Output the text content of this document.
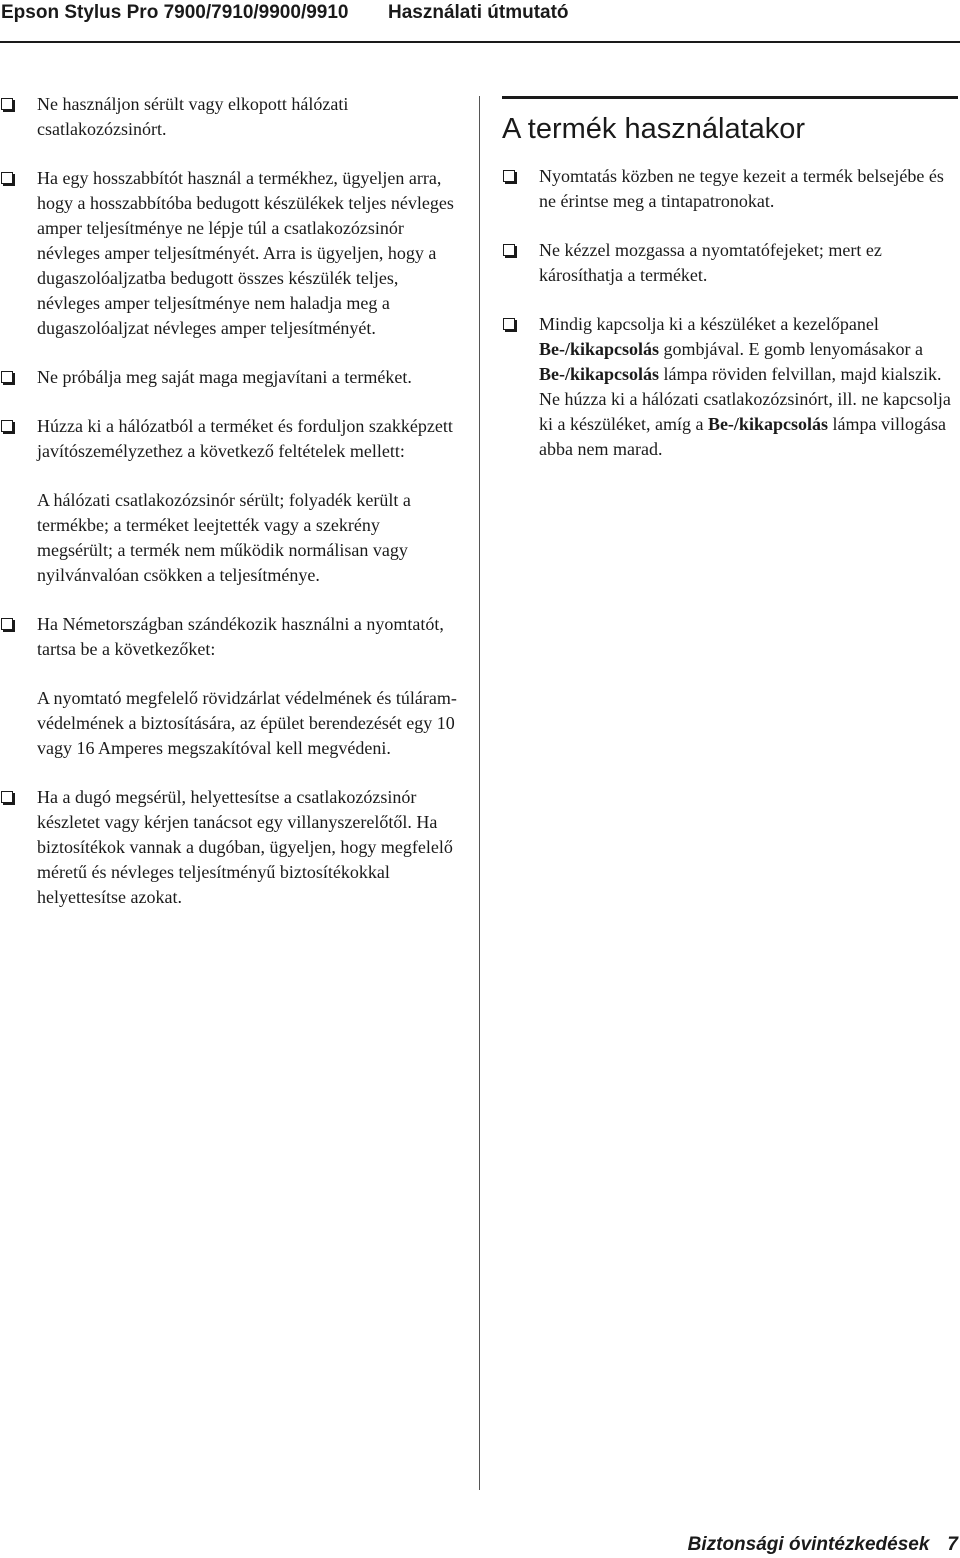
Epson Stylus Pro 7900/7910/9900/9910 Használati útmutató
Ne használjon sérült vagy elkopott hálózati csatlakozózsinórt.
Ha egy hosszabbítót használ a termékhez, ügyeljen arra, hogy a hosszabbítóba bedugott készülékek teljes névleges amper teljesítménye ne lépje túl a csatlakozózsinór névleges amper teljesítményét. Arra is ügyeljen, hogy a dugaszolóaljzatba bedugott összes készülék teljes, névleges amper teljesítménye nem haladja meg a dugaszolóaljzat névleges amper teljesítményét.
Ne próbálja meg saját maga megjavítani a terméket.
Húzza ki a hálózatból a terméket és forduljon szakképzett javítószemélyzethez a következő feltételek mellett:

A hálózati csatlakozózsinór sérült; folyadék került a termékbe; a terméket leejtették vagy a szekrény megsérült; a termék nem működik normálisan vagy nyilvánvalóan csökken a teljesítménye.

Ha Németországban szándékozik használni a nyomtatót, tartsa be a következőket:

A nyomtató megfelelő rövidzárlat védelmének és túláram-védelmének a biztosítására, az épület berendezését egy 10 vagy 16 Amperes megszakítóval kell megvédeni.

Ha a dugó megsérül, helyettesítse a csatlakozózsinór készletet vagy kérjen tanácsot egy villanyszerelőtől. Ha biztosítékok vannak a dugóban, ügyeljen, hogy megfelelő méretű és névleges teljesítményű biztosítékokkal helyettesítse azokat.
A termék használatakor
Nyomtatás közben ne tegye kezeit a termék belsejébe és ne érintse meg a tintapatronokat.
Ne kézzel mozgassa a nyomtatófejeket; mert ez károsíthatja a terméket.
Mindig kapcsolja ki a készüléket a kezelőpanel Be-/kikapcsolás gombjával. E gomb lenyomásakor a Be-/kikapcsolás lámpa röviden felvillan, majd kialszik. Ne húzza ki a hálózati csatlakozózsinórt, ill. ne kapcsolja ki a készüléket, amíg a Be-/kikapcsolás lámpa villogása abba nem marad.
Biztonsági óvintézkedések 7
